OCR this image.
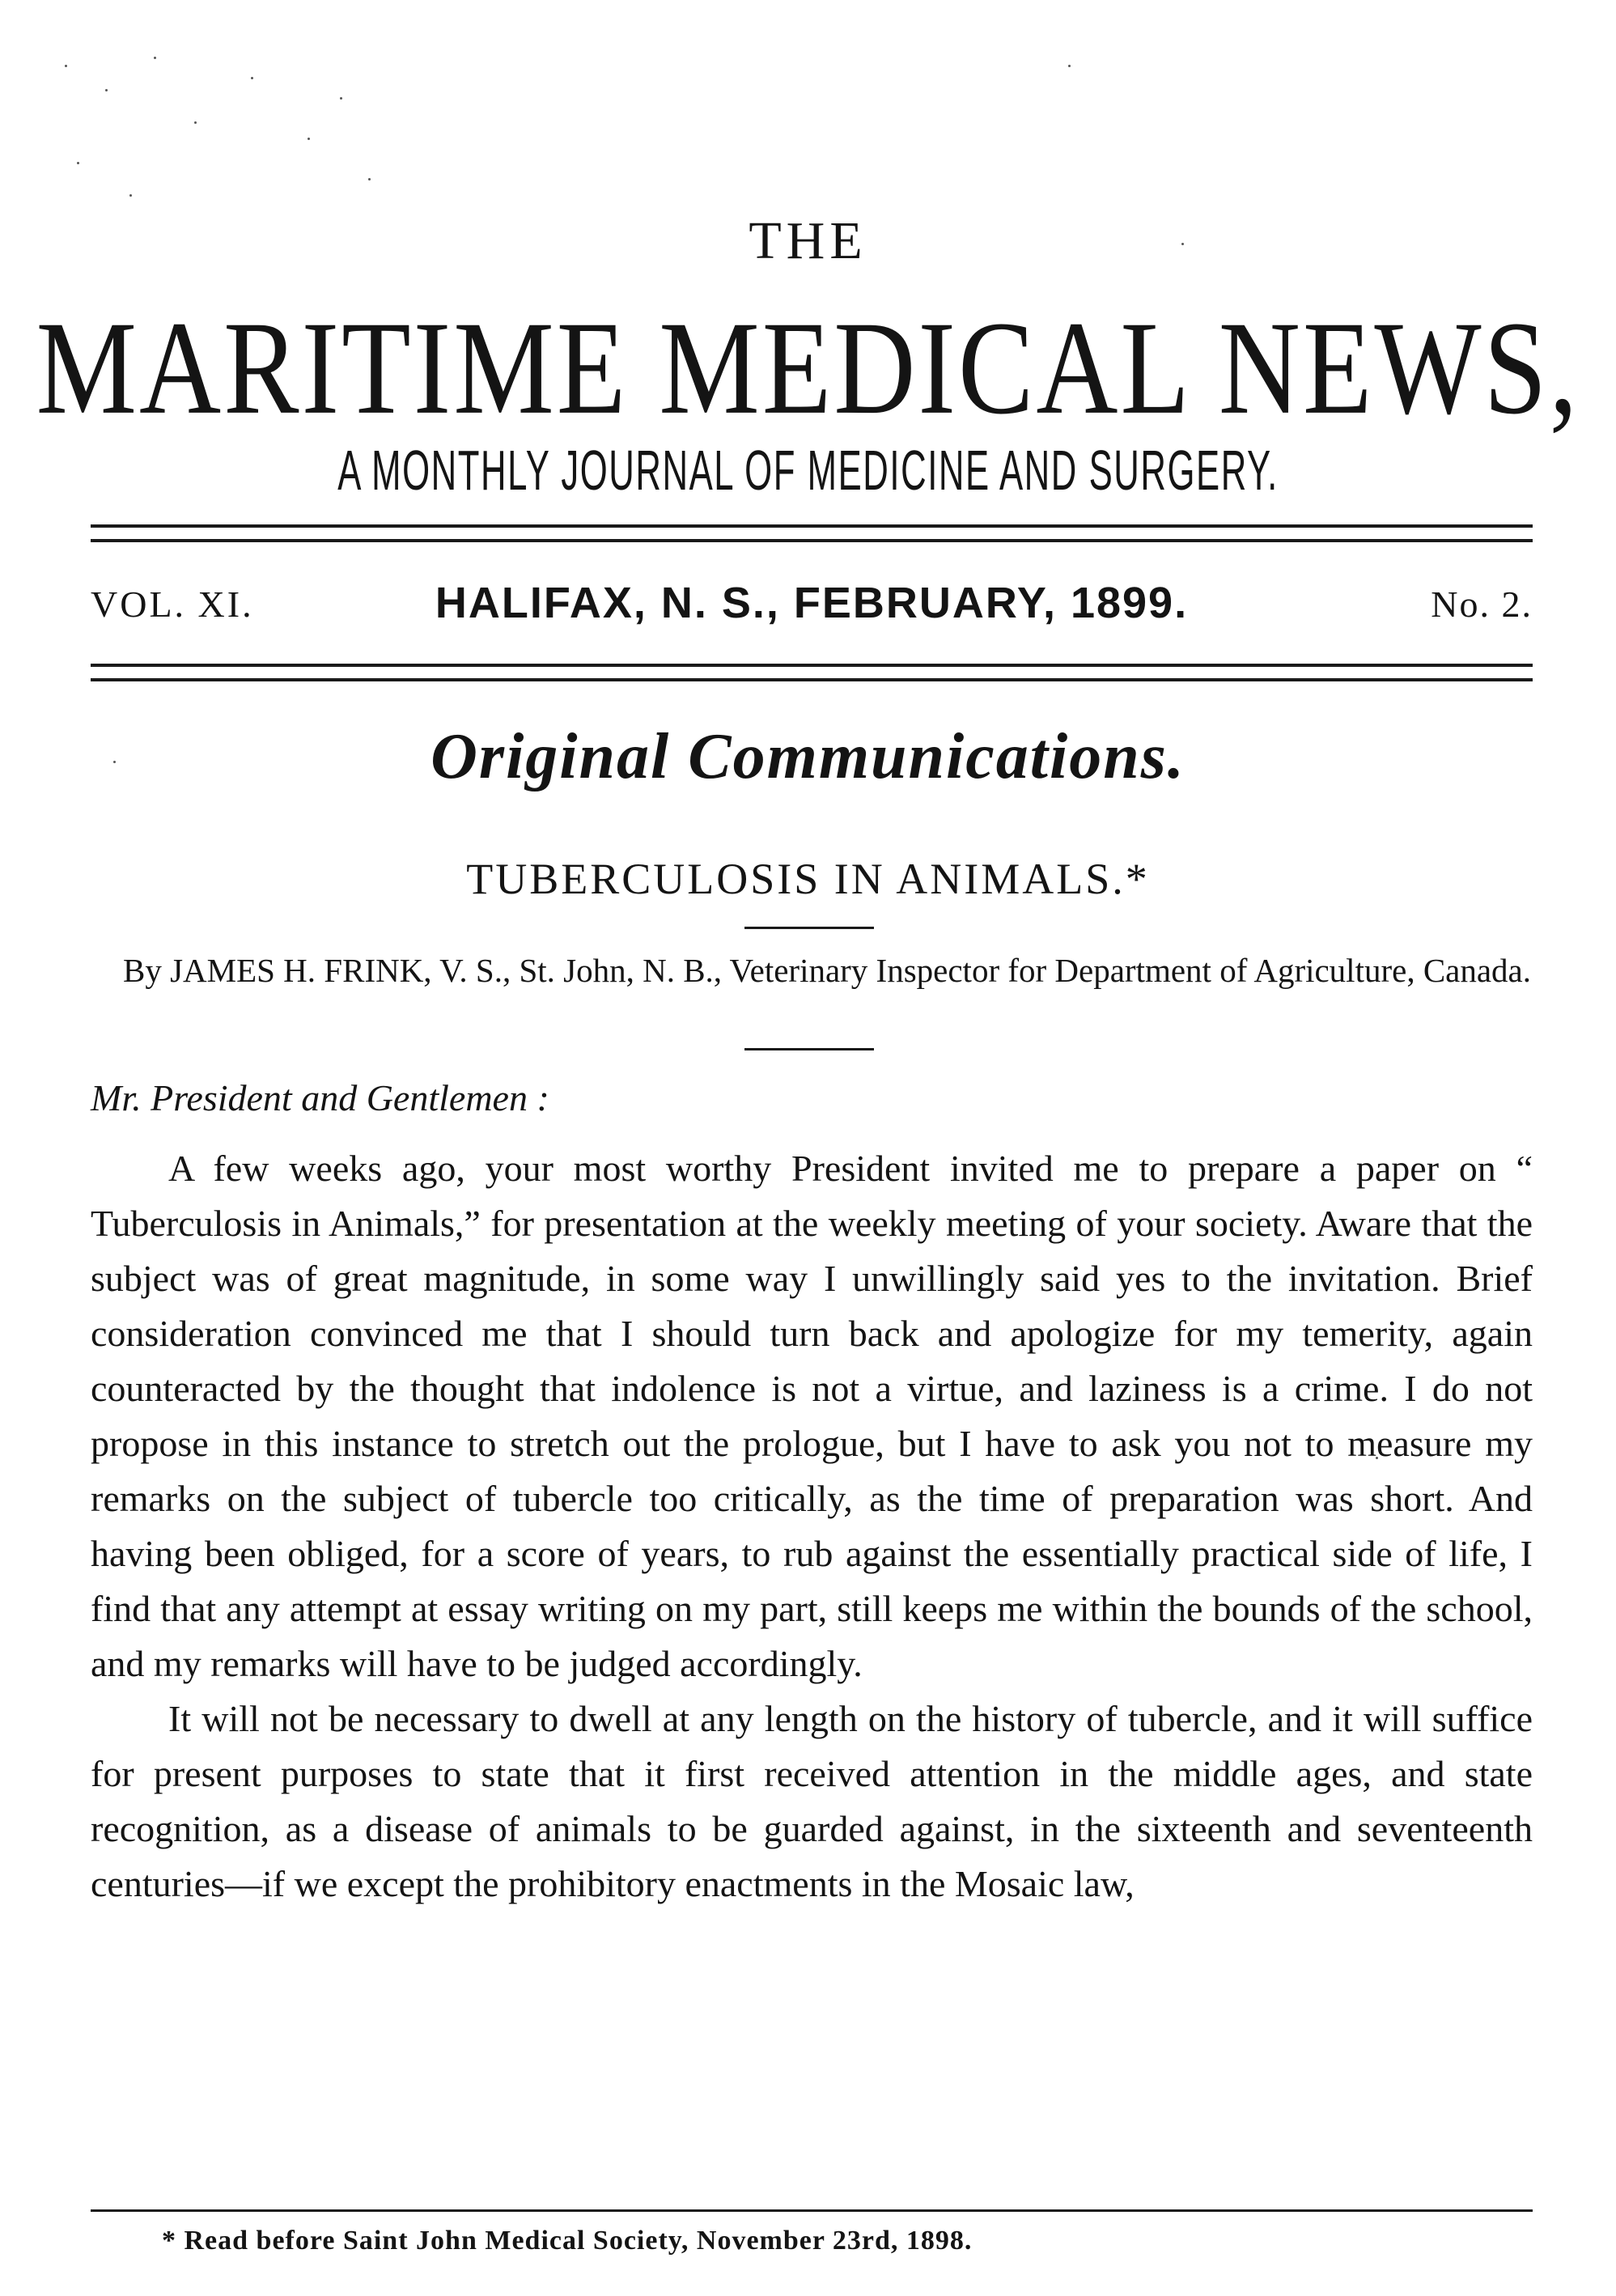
THE
MARITIME MEDICAL NEWS,
A MONTHLY JOURNAL OF MEDICINE AND SURGERY.
VOL. XI.	HALIFAX, N. S., FEBRUARY, 1899.	No. 2.
Original Communications.
TUBERCULOSIS IN ANIMALS.*
By JAMES H. FRINK, V. S., St. John, N. B., Veterinary Inspector for Department of Agriculture, Canada.
Mr. President and Gentlemen :

A few weeks ago, your most worthy President invited me to prepare a paper on “ Tuberculosis in Animals,” for presentation at the weekly meeting of your society. Aware that the subject was of great magnitude, in some way I unwillingly said yes to the invitation. Brief consideration convinced me that I should turn back and apologize for my temerity, again counteracted by the thought that indolence is not a virtue, and laziness is a crime. I do not propose in this instance to stretch out the prologue, but I have to ask you not to measure my remarks on the subject of tubercle too critically, as the time of preparation was short. And having been obliged, for a score of years, to rub against the essentially practical side of life, I find that any attempt at essay writing on my part, still keeps me within the bounds of the school, and my remarks will have to be judged accordingly.

It will not be necessary to dwell at any length on the history of tubercle, and it will suffice for present purposes to state that it first received attention in the middle ages, and state recognition, as a disease of animals to be guarded against, in the sixteenth and seventeenth centuries—if we except the prohibitory enactments in the Mosaic law,

* Read before Saint John Medical Society, November 23rd, 1898.
